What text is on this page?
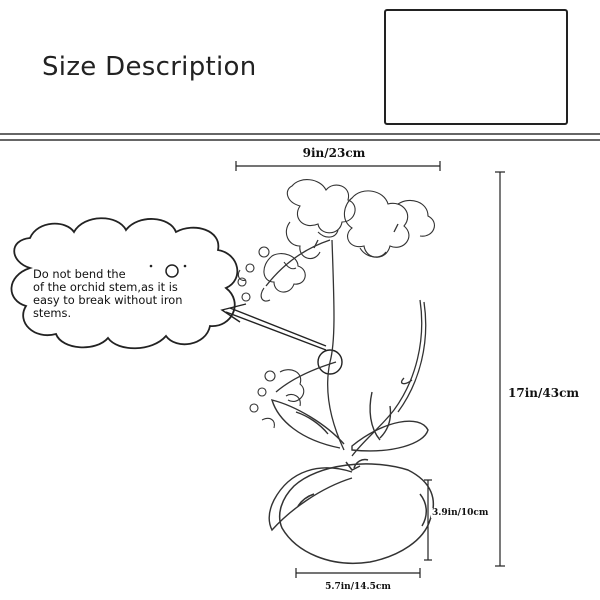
Size Description
9in/23cm
17in/43cm
3.9in/10cm
5.7in/14.5cm
Do not bend the
of the orchid stem,as it is
easy to break without iron
stems.
